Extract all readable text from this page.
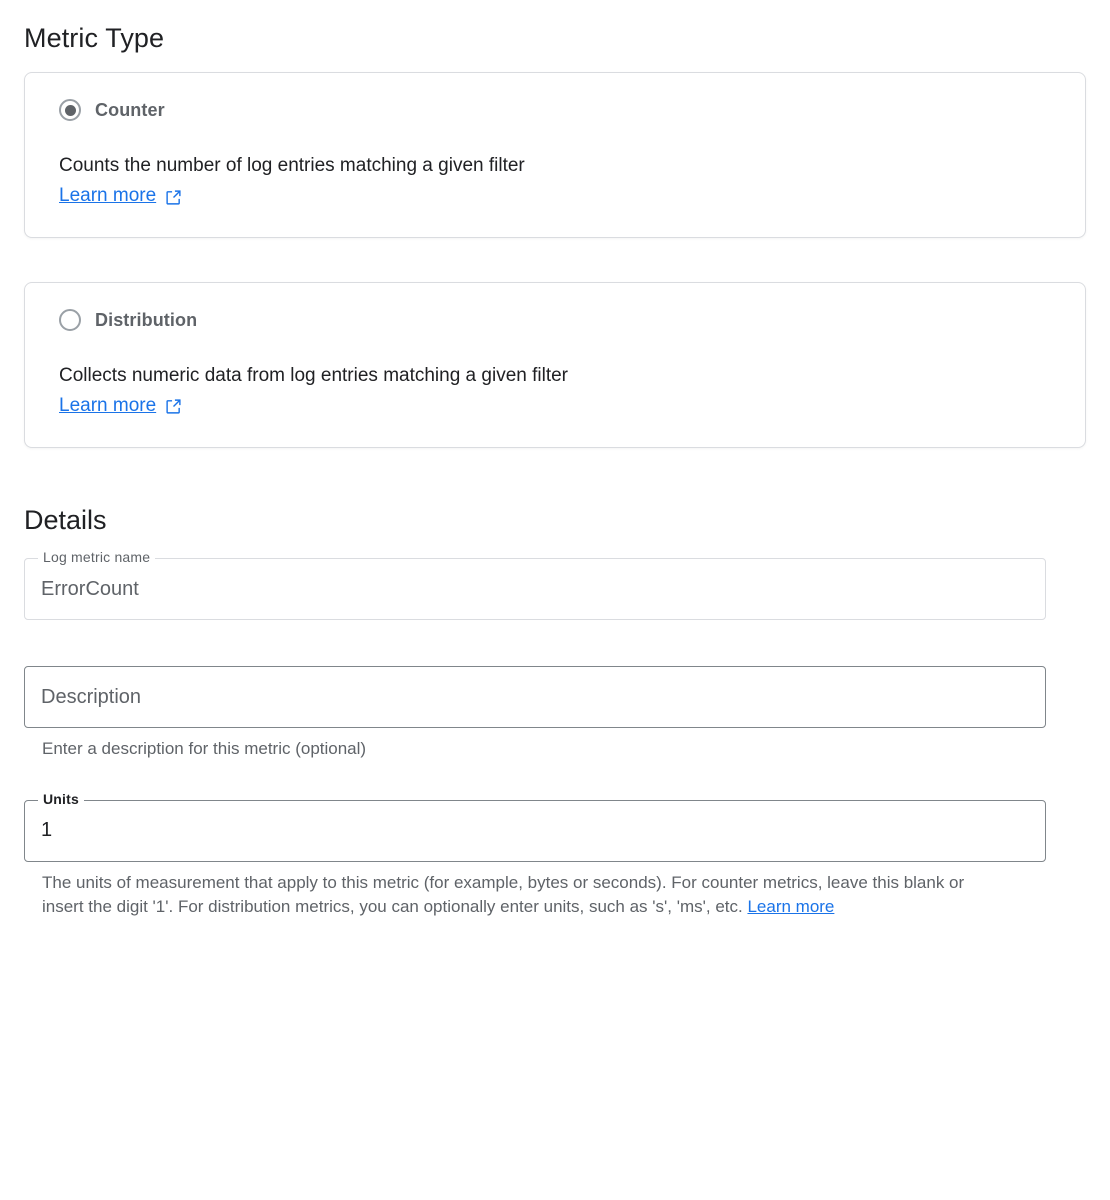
Metric Type
Counter
Counts the number of log entries matching a given filter
Learn more
Distribution
Collects numeric data from log entries matching a given filter
Learn more
Details
Log metric name
ErrorCount
Description
Enter a description for this metric (optional)
Units
1
The units of measurement that apply to this metric (for example, bytes or seconds). For counter metrics, leave this blank or insert the digit '1'. For distribution metrics, you can optionally enter units, such as 's', 'ms', etc. Learn more
